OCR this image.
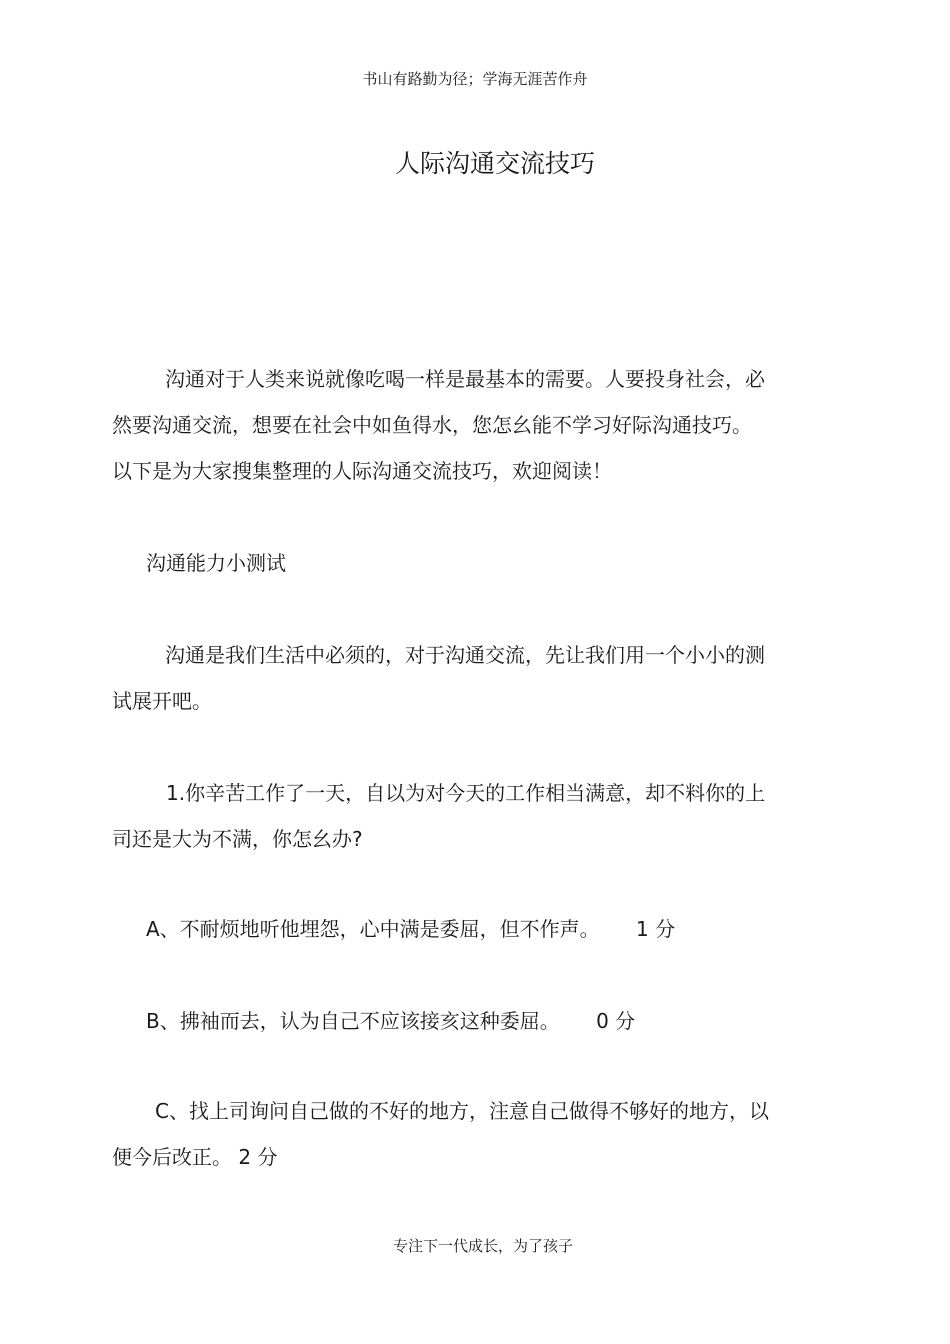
书山有路勤为径；学海无涯苦作舟
人际沟通交流技巧
沟通对于人类来说就像吃喝一样是最基本的需要。人要投身社会，必
然要沟通交流，想要在社会中如鱼得水，您怎幺能不学习好际沟通技巧。
以下是为大家搜集整理的人际沟通交流技巧，欢迎阅读！
沟通能力小测试
沟通是我们生活中必须的，对于沟通交流，先让我们用一个小小的测
试展开吧。
1.你辛苦工作了一天，自以为对今天的工作相当满意，却不料你的上
司还是大为不满，你怎幺办?
A、不耐烦地听他埋怨，心中满是委屈，但不作声。 1 分
B、拂袖而去，认为自己不应该接亥这种委屈。 0 分
C、找上司询问自己做的不好的地方，注意自己做得不够好的地方，以
便今后改正。 2 分
专注下一代成长，为了孩子
